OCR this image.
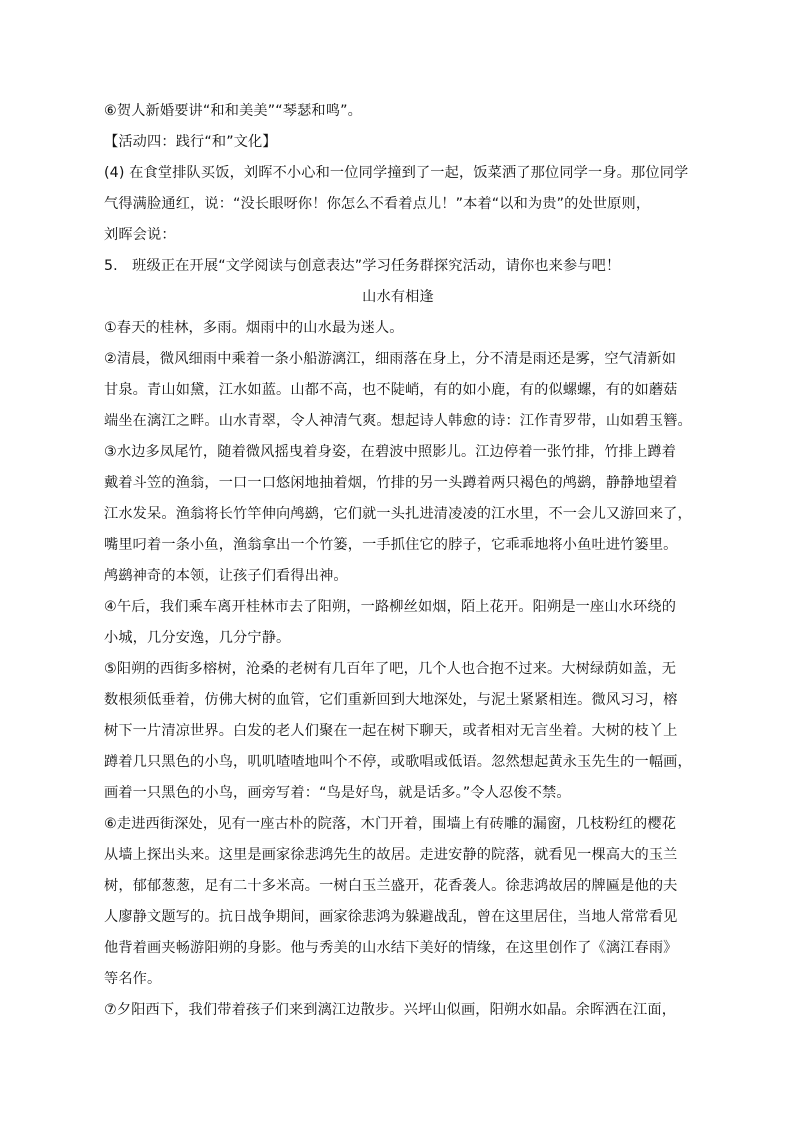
⑥贺人新婚要讲“和和美美”“琴瑟和鸣”。
【活动四：践行“和”文化】
(4) 在食堂排队买饭，刘晖不小心和一位同学撞到了一起，饭菜洒了那位同学一身。那位同学
气得满脸通红，说：“没长眼呀你！你怎么不看着点儿！”本着“以和为贵”的处世原则，
刘晖会说：
5.　班级正在开展“文学阅读与创意表达”学习任务群探究活动，请你也来参与吧！
山水有相逢
①春天的桂林，多雨。烟雨中的山水最为迷人。
②清晨，微风细雨中乘着一条小船游漓江，细雨落在身上，分不清是雨还是雾，空气清新如
甘泉。青山如黛，江水如蓝。山都不高，也不陡峭，有的如小鹿，有的似螺螺，有的如蘑菇
端坐在漓江之畔。山水青翠，令人神清气爽。想起诗人韩愈的诗：江作青罗带，山如碧玉簪。
③水边多凤尾竹，随着微风摇曳着身姿，在碧波中照影儿。江边停着一张竹排，竹排上蹲着
戴着斗笠的渔翁，一口一口悠闲地抽着烟，竹排的另一头蹲着两只褐色的鸬鹚，静静地望着
江水发呆。渔翁将长竹竿伸向鸬鹚，它们就一头扎进清凌凌的江水里，不一会儿又游回来了，
嘴里叼着一条小鱼，渔翁拿出一个竹篓，一手抓住它的脖子，它乖乖地将小鱼吐进竹篓里。
鸬鹚神奇的本领，让孩子们看得出神。
④午后，我们乘车离开桂林市去了阳朔，一路柳丝如烟，陌上花开。阳朔是一座山水环绕的
小城，几分安逸，几分宁静。
⑤阳朔的西街多榕树，沧桑的老树有几百年了吧，几个人也合抱不过来。大树绿荫如盖，无
数根须低垂着，仿佛大树的血管，它们重新回到大地深处，与泥土紧紧相连。微风习习，榕
树下一片清凉世界。白发的老人们聚在一起在树下聊天，或者相对无言坐着。大树的枝丫上
蹲着几只黑色的小鸟，叽叽喳喳地叫个不停，或歌唱或低语。忽然想起黄永玉先生的一幅画，
画着一只黑色的小鸟，画旁写着：“鸟是好鸟，就是话多。”令人忍俊不禁。
⑥走进西街深处，见有一座古朴的院落，木门开着，围墙上有砖雕的漏窗，几枝粉红的樱花
从墙上探出头来。这里是画家徐悲鸿先生的故居。走进安静的院落，就看见一棵高大的玉兰
树，郁郁葱葱，足有二十多米高。一树白玉兰盛开，花香袭人。徐悲鸿故居的牌匾是他的夫
人廖静文题写的。抗日战争期间，画家徐悲鸿为躲避战乱，曾在这里居住，当地人常常看见
他背着画夹畅游阳朔的身影。他与秀美的山水结下美好的情缘，在这里创作了《漓江春雨》
等名作。
⑦夕阳西下，我们带着孩子们来到漓江边散步。兴坪山似画，阳朔水如晶。余晖洒在江面，
